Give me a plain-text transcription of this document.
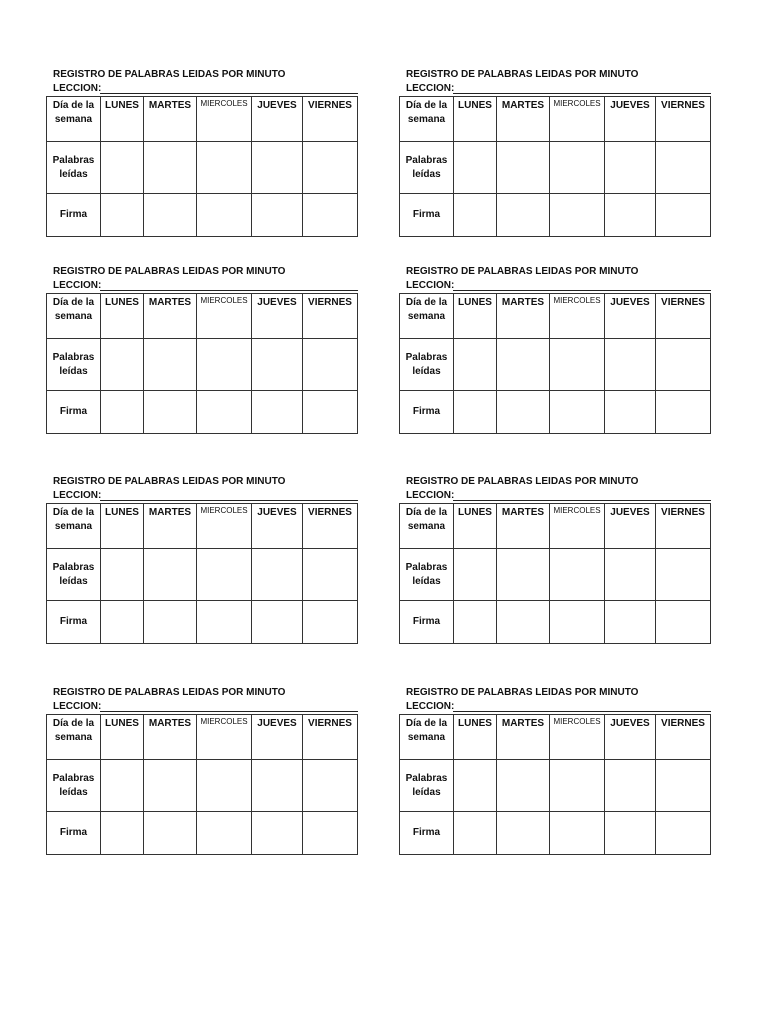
REGISTRO DE PALABRAS LEIDAS POR MINUTO
LECCION:
Día de la semana	LUNES	MARTES	MIERCOLES	JUEVES	VIERNES
Palabras leídas					
Firma					
REGISTRO DE PALABRAS LEIDAS POR MINUTO
LECCION:
Día de la semana	LUNES	MARTES	MIERCOLES	JUEVES	VIERNES
Palabras leídas					
Firma					
REGISTRO DE PALABRAS LEIDAS POR MINUTO
LECCION:
Día de la semana	LUNES	MARTES	MIERCOLES	JUEVES	VIERNES
Palabras leídas					
Firma					
REGISTRO DE PALABRAS LEIDAS POR MINUTO
LECCION:
Día de la semana	LUNES	MARTES	MIERCOLES	JUEVES	VIERNES
Palabras leídas					
Firma					
REGISTRO DE PALABRAS LEIDAS POR MINUTO
LECCION:
Día de la semana	LUNES	MARTES	MIERCOLES	JUEVES	VIERNES
Palabras leídas					
Firma					
REGISTRO DE PALABRAS LEIDAS POR MINUTO
LECCION:
Día de la semana	LUNES	MARTES	MIERCOLES	JUEVES	VIERNES
Palabras leídas					
Firma					
REGISTRO DE PALABRAS LEIDAS POR MINUTO
LECCION:
Día de la semana	LUNES	MARTES	MIERCOLES	JUEVES	VIERNES
Palabras leídas					
Firma					
REGISTRO DE PALABRAS LEIDAS POR MINUTO
LECCION:
Día de la semana	LUNES	MARTES	MIERCOLES	JUEVES	VIERNES
Palabras leídas					
Firma					
